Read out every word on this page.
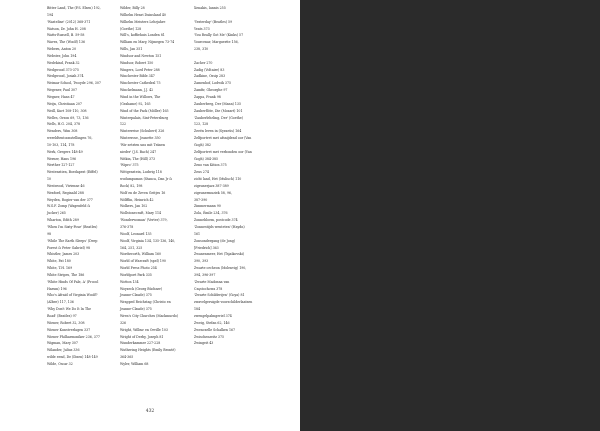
Bitter Land, The (P.S. Elsen) 192,
194
'Wasteline' (2012) 368-371
Watson, Dr. John H. 208
Watts-Russell, B. 59-58
Waves, The (Woolf) 136
Webern, Anton 20
Webster, John 194
Wedekind, Frank 32
Wedgwood 373-375
Wedgwood, Josiah 374
Weimar School, Twoyde 296, 307
Wegener, Paul 307
Wegner, Hans 47
Weijn, Christiaan 207
Weill, Kurt 108-110, 308
Welles, Orson 69, 73, 136
Wells, H.G. 204, 378
Wenders, Wim 308
wereldtentoonstellingen 76,
10-103, 114, 178
Werk, Gregers 148-49
Werner, Hans 196
Werther 127-127
Westenstien, Boedapest (Eiffel)
10
Westwood, Vivienne 46
Wexford, Reginald 288
Weyden, Rogier van der 377
W.G.F. Zomp (Wagenfeld &
Jucker) 265
Wharton, Edith 289
'When I'm Sixty-Four' (Beatles)
98
'While The Earth Sleeps' (Deep
Forest & Peter Gabriel) 98
Whistler, James 203
White, Pat 180
White, T.H. 169
White Stripes, The 186
'White Hinds Of Pale, A' (Procol
Harum) 196
Who's Afraid of Virginia Woolf?
(Albee) 117, 136
'Why Don't We Do It In The
Road' (Beatles) 97
Wiener, Robert 32, 308
Wiener Kunstverlagen 337
Wiener Philharmoniker 236, 377
Wigman, Mary 307
Wilander, Julius 336
wilde eend, De (Ibsen) 148-149
Wilde, Oscar 32
Wilder, Billy 28
Wilhelm Henri Duinsland 40
Wilhelm Meisters Lehrjahre
(Goethe) 128
Will's, koffiehuis Londen 81
William en Mary, Nijmegen 73-74
Wills, Jan 351
Windsor and Newton 151
Windsor, Robert 150
Wingers, Lord Peter 288
Winchester Bible 347
Winchester Cathedral 75
Winckelmann, J.J. 42
Wind in the Willows, The
(Grahame) 92, 165
Wind of the Pack (Möller) 165
Winterpalais, Sint-Petersburg
122
Winterreise (Schubert) 326
Winterrose, Jeanette 350
'Wir setzten uns mit Tränen
nieder' (J.S. Bach) 247
Witkin, The (Hill) 373
'Wipro' 375
Wittgenstein, Ludwig 118
wodumpumus (Stanca, Dan Jr &
Rock) 82, 198
Wolf en de Zeven Geitjes 16
Wölfflin, Heinrich 42
Wolkers, Jan 102
Wollstonecraft, Mary 114
'Wonderwoman' (Verter) 379,
376-378
Woolf, Leonard 135
Woolf, Virginia 134, 135-136, 140,
164, 251, 325
Wordsworth, William 160
World of Warcraft (spel) 190
World Press Photo 254
Worldport Park 335
Wotton 134
Woyzeck (Georg Büchner)
Jeanne-Claude) 375
Wrapped Reichstag (Christo en
Jeanne-Claude) 375
Wren's City Churches (Mackmurdo)
326
Wright, Wilbur en Orville 103
Wright of Derby, Joseph 81
Wunderkammer 227-228
Wuthering Heights (Emily Brontë)
364-365
Wyler, William 68
Xenakis, Iannis 255
'Yesterday' (Beatles) 59
Yeats 373
'You Really Got Me' (Kinks) 57
Yourcenar, Marguerite 156,
238, 310
Zacher 270
Zadig (Voltaire) 83
Zadkine, Ossip 283
Zamenhof, Lodwik 375
Zamfir, Gheorghe 97
Zappa, Frank 98
Zauberberg, Der (Mann) 135
Zauberflöte, Die (Mozart) 101
'Zauberlehrling, Der' (Goethe)
123, 128
Zeeën leven in (Syraeüs) 164
Zelfportret met afsnijdend oor (Van
Gogh) 382
Zelfportret met verbonden oor (Van
Gogh) 384-385
Zeno van Kition 375
Zeus 274
zicht land, Het (Mulisch) 110
zigeunerjazz 387-389
zigeunermuziek 58, 96,
387-390
Zimmermann 90
Zola, Émile 234, 376
Zonnebloem, postcode 374
'Zonnestijds wenteten' (Haydn)
161
Zonsondergang (de Jong)
[Friedrich] 363
Zwanenmeer, Het (Tsjaikovski)
390, 393
Zwarte orcheon (Molenvig) 190,
394, 396-397
'Zwarte Madonna van
Częstochowa 378
'Zwarte Schilderijen' (Goya) 81
zwavelgeruigde voorschilderlaatsen
184
zwengelpalmgeriel 374
Zweig, Stefan 62, 146
Zwenczelle Schalken 167
Zwischenzeitz 375
Zwingeit 43
432
